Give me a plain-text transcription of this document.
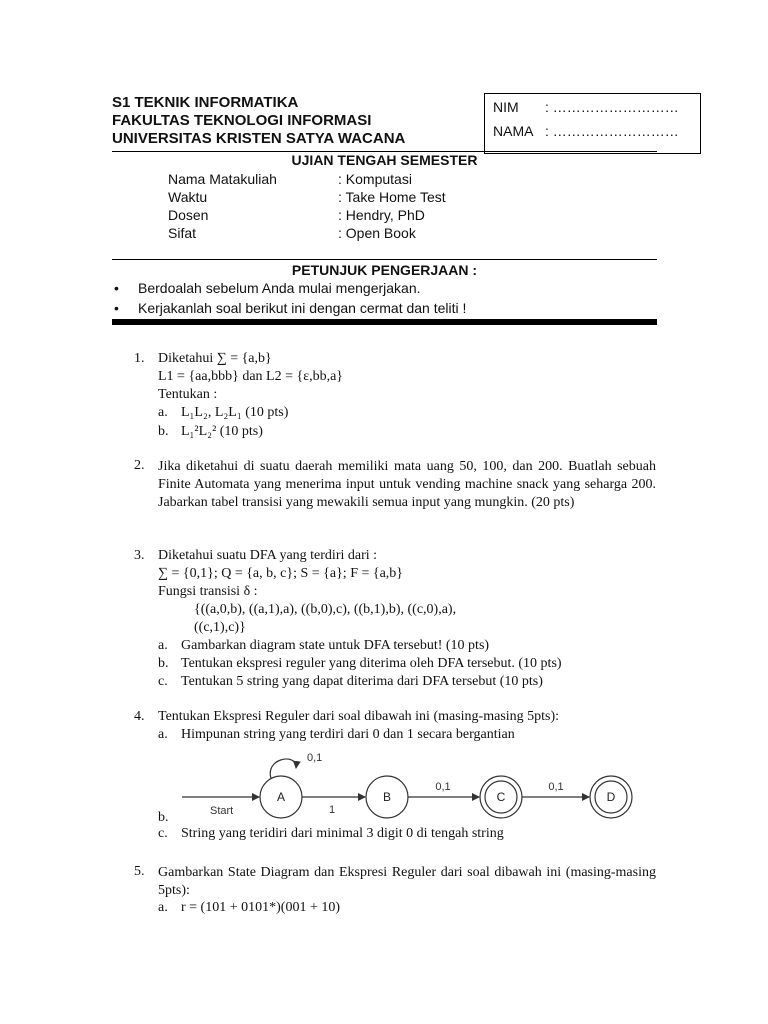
S1 TEKNIK INFORMATIKA
FAKULTAS TEKNOLOGI INFORMASI
UNIVERSITAS KRISTEN SATYA WACANA
NIM : ………………………
NAMA : ………………………
UJIAN TENGAH SEMESTER
Nama Matakuliah	: Komputasi
Waktu	: Take Home Test
Dosen	: Hendry, PhD
Sifat	: Open Book
PETUNJUK PENGERJAAN :
• Berdoalah sebelum Anda mulai mengerjakan.
• Kerjakanlah soal berikut ini dengan cermat dan teliti !
1. Diketahui ∑ = {a,b}
L1 = {aa,bbb} dan L2 = {ε,bb,a}
Tentukan :
a. L₁L₂, L₂L₁ (10 pts)
b. L₁²L₂² (10 pts)
2. Jika diketahui di suatu daerah memiliki mata uang 50, 100, dan 200. Buatlah sebuah Finite Automata yang menerima input untuk vending machine snack yang seharga 200. Jabarkan tabel transisi yang mewakili semua input yang mungkin. (20 pts)
3. Diketahui suatu DFA yang terdiri dari :
∑ = {0,1}; Q = {a, b, c}; S = {a}; F = {a,b}
Fungsi transisi δ :
{((a,0,b), ((a,1),a), ((b,0),c), ((b,1),b), ((c,0),a),
((c,1),c)}
a. Gambarkan diagram state untuk DFA tersebut! (10 pts)
b. Tentukan ekspresi reguler yang diterima oleh DFA tersebut. (10 pts)
c. Tentukan 5 string yang dapat diterima dari DFA tersebut (10 pts)
4. Tentukan Ekspresi Reguler dari soal dibawah ini (masing-masing 5pts):
a. Himpunan string yang terdiri dari 0 dan 1 secara bergantian
b.	Start
0,1
A
1
B
0,1
C
0,1
D
c. String yang teridiri dari minimal 3 digit 0 di tengah string
5. Gambarkan State Diagram dan Ekspresi Reguler dari soal dibawah ini (masing-masing 5pts):
a. r = (101 + 0101*)(001 + 10)
